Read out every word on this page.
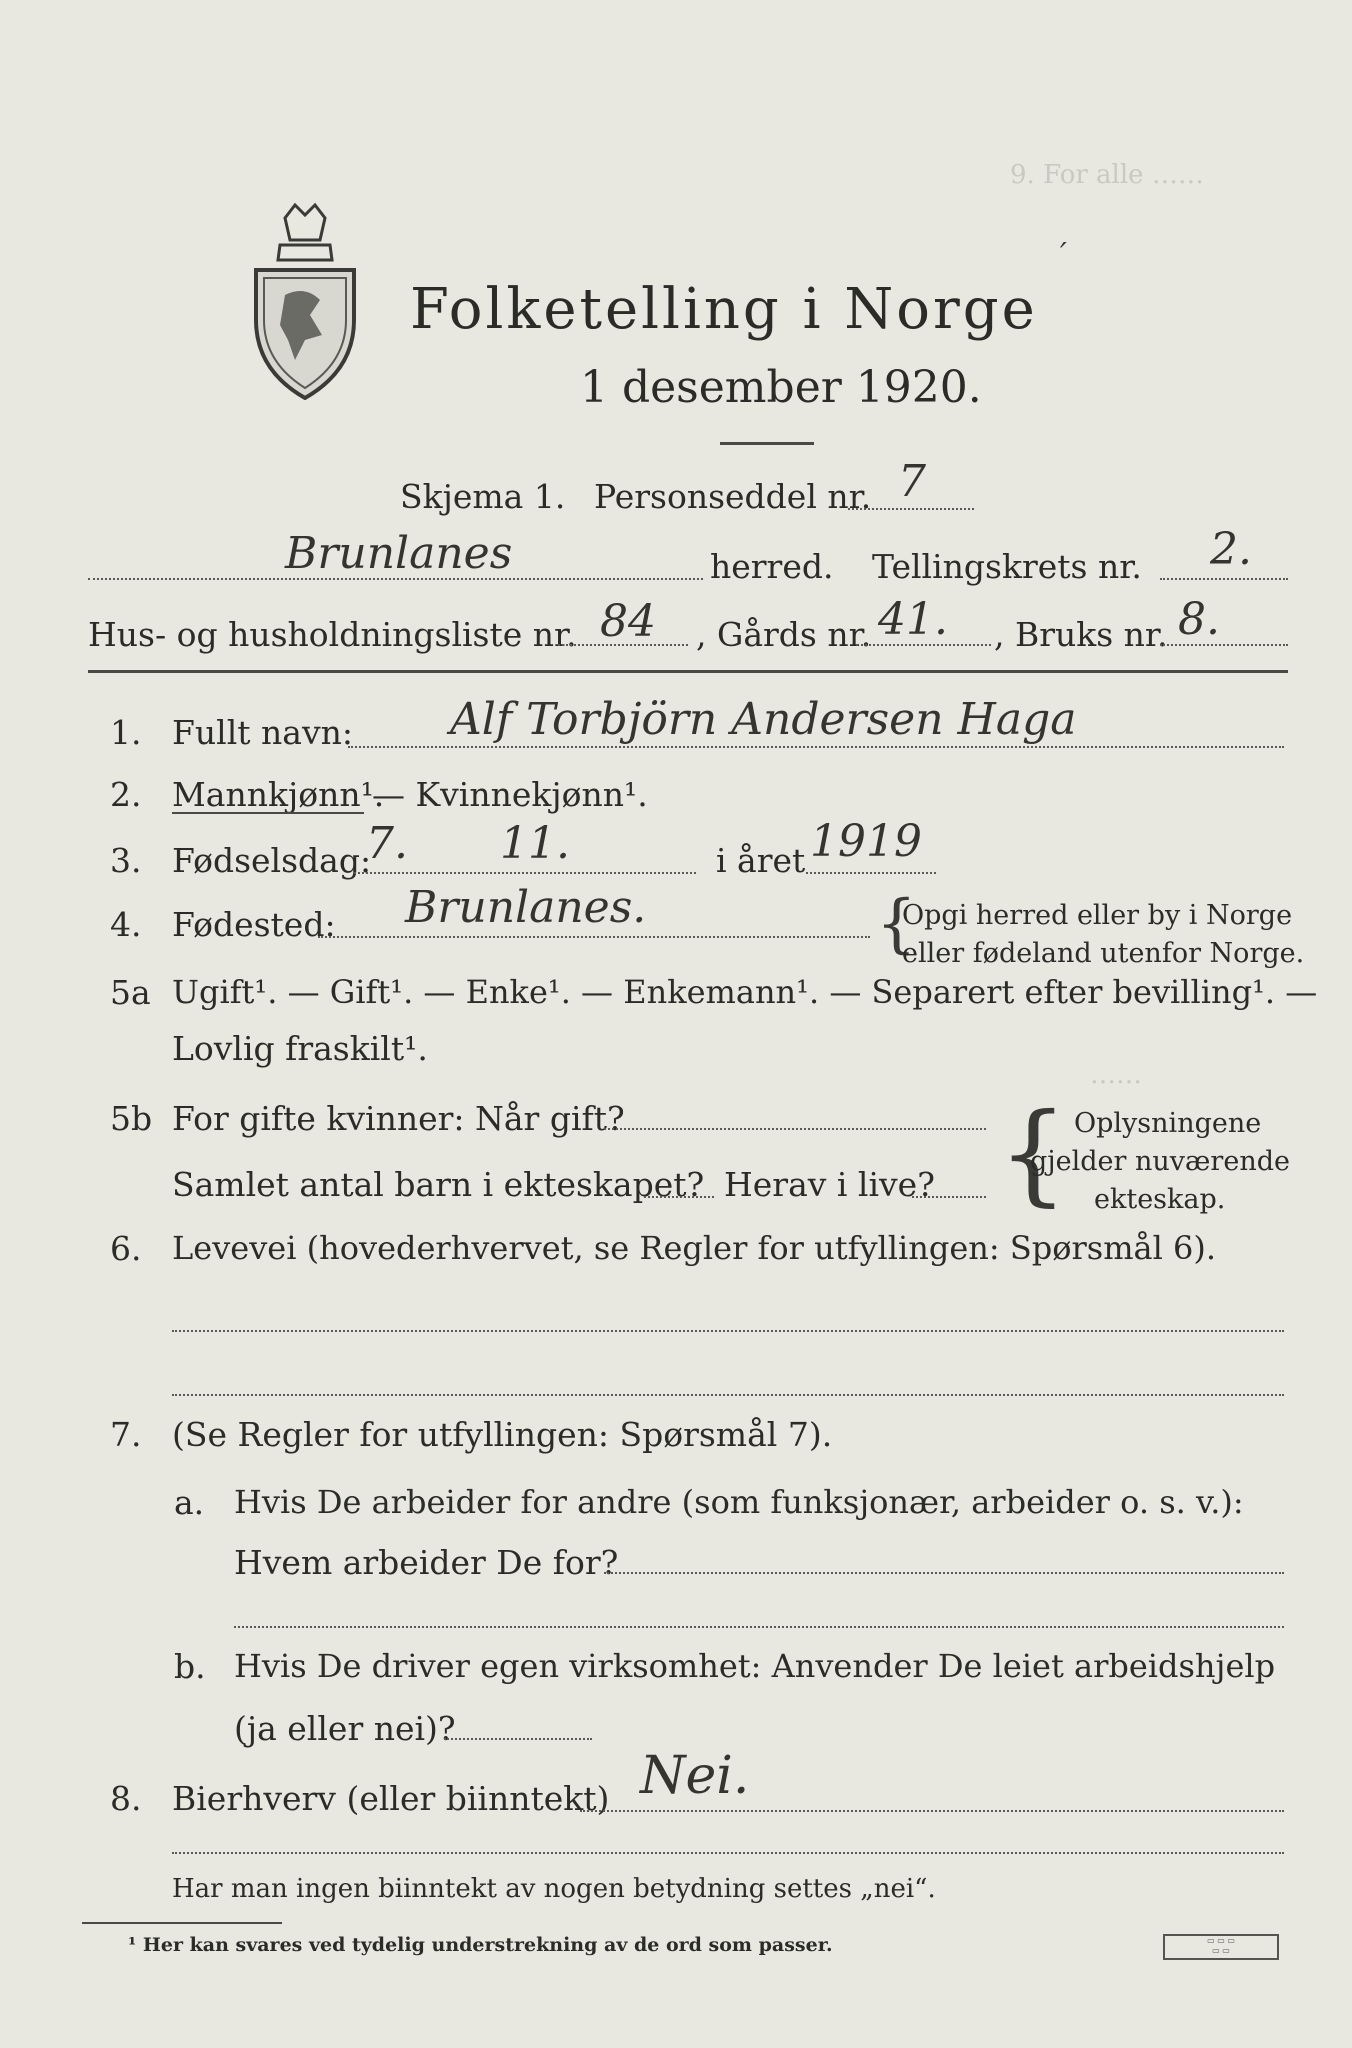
9. For alle ……
……
Folketelling i Norge
1 desember 1920.
′
Skjema 1. Personseddel nr. 7
Brunlanes	herred. Tellingskrets nr. 2.
Hus- og husholdningsliste nr. 84 , Gårds nr. 41. , Bruks nr. 8.
1. Fullt navn: Alf Torbjörn Andersen Haga
2. Mannkjønn¹.
— Kvinnekjønn¹.
3. Fødselsdag:
7. 11.	i året 1919
4. Fødested: Brunlanes.	{
Opgi herred eller by i Norge
eller fødeland utenfor Norge.
5a Ugift¹. — Gift¹. — Enke¹. — Enkemann¹. — Separert efter bevilling¹. —
Lovlig fraskilt¹.
5b For gifte kvinner: Når gift?
Samlet antal barn i ekteskapet? Herav i live? { Oplysningene
gjelder nuværende
ekteskap.
6. Levevei (hovederhvervet, se Regler for utfyllingen: Spørsmål 6).
7. (Se Regler for utfyllingen: Spørsmål 7).
a. Hvis De arbeider for andre (som funksjonær, arbeider o. s. v.):
Hvem arbeider De for?
b. Hvis De driver egen virksomhet: Anvender De leiet arbeidshjelp
(ja eller nei)?
8. Bierhverv (eller biinntekt) Nei.
Har man ingen biinntekt av nogen betydning settes „nei“.
¹ Her kan svares ved tydelig understrekning av de ord som passer.	▭ ▭ ▭
▭ ▭
